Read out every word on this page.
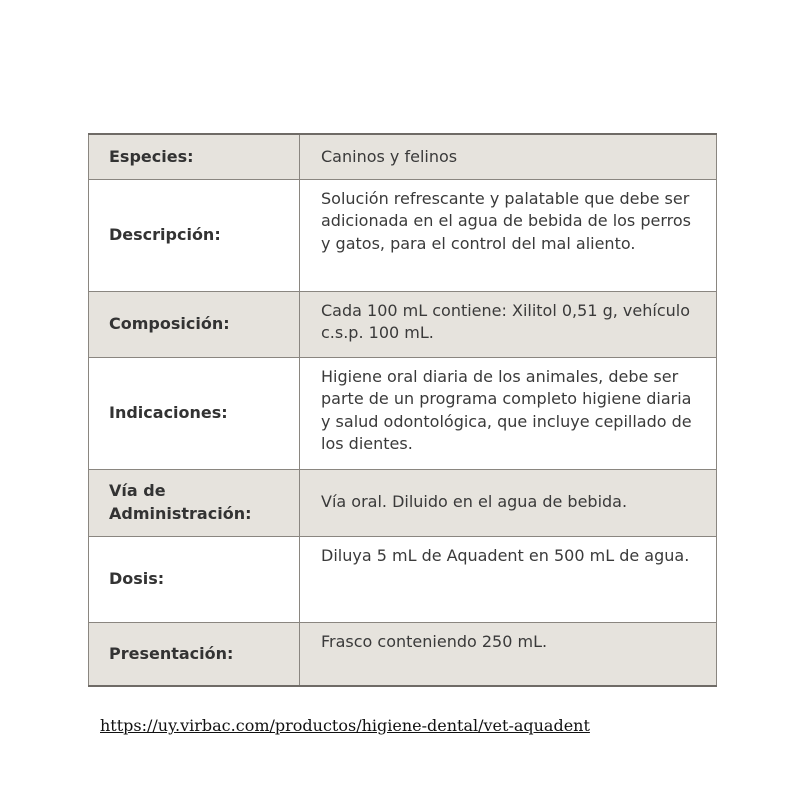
Especies:	Caninos y felinos
Descripción:	Solución refrescante y palatable que debe ser adicionada en el agua de bebida de los perros y gatos, para el control del mal aliento.
Composición:	Cada 100 mL contiene: Xilitol 0,51 g, vehículo c.s.p. 100 mL.
Indicaciones:	Higiene oral diaria de los animales, debe ser parte de un programa completo higiene diaria y salud odontológica, que incluye cepillado de los dientes.
Vía de Administración:	Vía oral. Diluido en el agua de bebida.
Dosis:	Diluya 5 mL de Aquadent en 500 mL de agua.
Presentación:	Frasco conteniendo 250 mL.
https://uy.virbac.com/productos/higiene-dental/vet-aquadent
